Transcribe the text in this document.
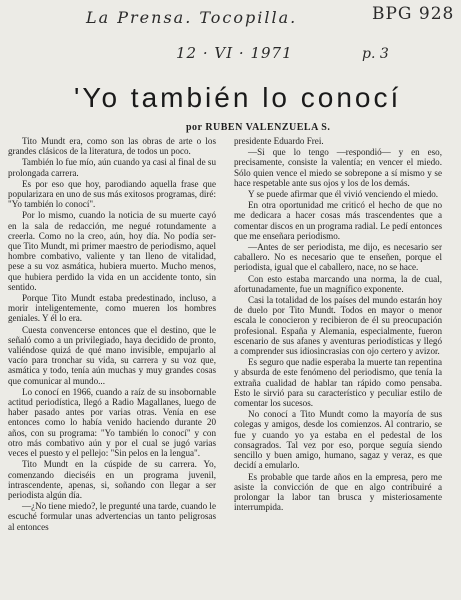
La Prensa. Tocopilla.	BPG 928
12 · VI · 1971	p. 3
'Yo también lo conocí
por RUBEN VALENZUELA S.

Tito Mundt era, como son las obras de arte o los grandes clásicos de la literatura, de todos un poco.

También lo fue mío, aún cuando ya casi al final de su prolongada carrera.

Es por eso que hoy, parodiando aquella frase que popularizara en uno de sus más exitosos programas, diré: "Yo también lo conocí".

Por lo mismo, cuando la noticia de su muerte cayó en la sala de redacción, me negué rotundamente a creerla. Como no la creo, aún, hoy día. No podía ser- que Tito Mundt, mi primer maestro de periodismo, aquel hombre combativo, valiente y tan lleno de vitalidad, pese a su voz asmática, hubiera muerto. Mucho menos, que hubiera perdido la vida en un accidente tonto, sin sentido.

Porque Tito Mundt estaba predestinado, incluso, a morir inteligentemente, como mueren los hombres geniales. Y él lo era.

Cuesta convencerse entonces que el destino, que le señaló como a un privilegiado, haya decidido de pronto, valiéndose quizá de qué mano invisible, empujarlo al vacío para tronchar su vida, su carrera y su voz que, asmática y todo, tenía aún muchas y muy grandes cosas que comunicar al mundo...

Lo conocí en 1966, cuando a raíz de su insobornable actitud periodística, llegó a Radio Magallanes, luego de haber pasado antes por varias otras. Venía en ese entonces como lo había venido haciendo durante 20 años, con su programa: "Yo también lo conocí" y con otro más combativo aún y por el cual se jugó varias veces el puesto y el pellejo: "Sin pelos en la lengua".

Tito Mundt en la cúspide de su carrera. Yo, comenzando dieciséis en un programa juvenil, intrascendente, apenas, si, soñando con llegar a ser periodista algún día.

—¿No tiene miedo?, le pregunté una tarde, cuando le escuché formular unas advertencias un tanto peligrosas al entonces

presidente Eduardo Frei.

—Si que lo tengo —respondió— y en eso, precisamente, consiste la valentía; en vencer el miedo. Sólo quien vence el miedo se sobrepone a sí mismo y se hace respetable ante sus ojos y los de los demás.

Y se puede afirmar que él vivió venciendo el miedo.

En otra oportunidad me criticó el hecho de que no me dedicara a hacer cosas más trascendentes que a comentar discos en un programa radial. Le pedí entonces que me enseñara periodismo.

—Antes de ser periodista, me dijo, es necesario ser caballero. No es necesario que te enseñen, porque el periodista, igual que el caballero, nace, no se hace.

Con esto estaba marcando una norma, la de cual, afortunadamente, fue un magnífico exponente.

Casi la totalidad de los países del mundo estarán hoy de duelo por Tito Mundt. Todos en mayor o menor escala le conocieron y recibieron de él su preocupación profesional. España y Alemania, especialmente, fueron escenario de sus afanes y aventuras periodísticas y llegó a comprender sus idiosincrasias con ojo certero y avizor.

Es seguro que nadie esperaba la muerte tan repentina y absurda de este fenómeno del periodismo, que tenía la extraña cualidad de hablar tan rápido como pensaba. Esto le sirvió para su característico y peculiar estilo de comentar los sucesos.

No conocí a Tito Mundt como la mayoría de sus colegas y amigos, desde los comienzos. Al contrario, se fue y cuando yo ya estaba en el pedestal de los consagrados. Tal vez por eso, porque seguía siendo sencillo y buen amigo, humano, sagaz y veraz, es que decidí a emularlo.

Es probable que tarde años en la empresa, pero me asiste la convicción de que en algo contribuiré a prolongar la labor tan brusca y misteriosamente interrumpida.
